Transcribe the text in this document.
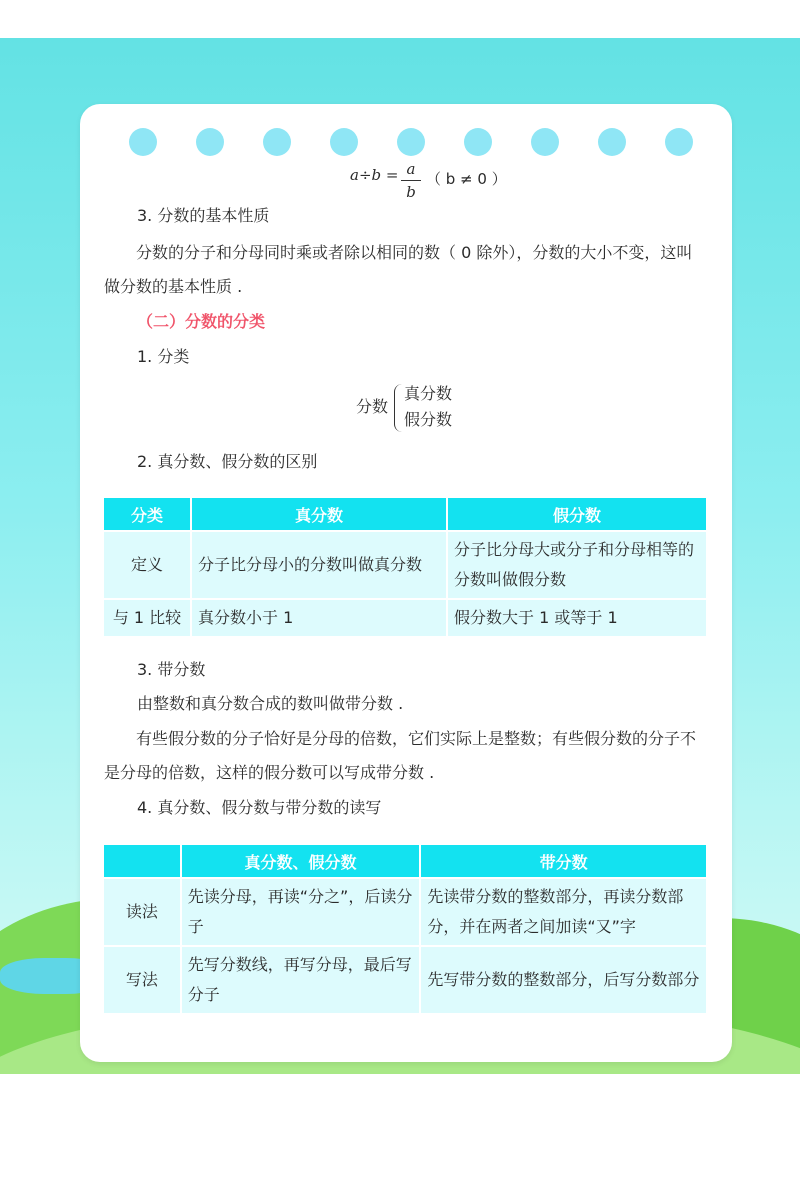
a÷b = a
b
（ b ≠ 0 ）
3. 分数的基本性质
分数的分子和分母同时乘或者除以相同的数（ 0 除外），分数的大小不变，这叫做分数的基本性质 .
（二）分数的分类
1. 分类
分数
真分数
假分数
2. 真分数、假分数的区别
分类	真分数	假分数
定义	分子比分母小的分数叫做真分数	分子比分母大或分子和分母相等的分数叫做假分数
与 1 比较	真分数小于 1	假分数大于 1 或等于 1
3. 带分数
由整数和真分数合成的数叫做带分数 .
有些假分数的分子恰好是分母的倍数，它们实际上是整数；有些假分数的分子不是分母的倍数，这样的假分数可以写成带分数 .
4. 真分数、假分数与带分数的读写
	真分数、假分数	带分数
读法	先读分母，再读“分之”，后读分子	先读带分数的整数部分，再读分数部分，并在两者之间加读“又”字
写法	先写分数线，再写分母，最后写分子	先写带分数的整数部分，后写分数部分
